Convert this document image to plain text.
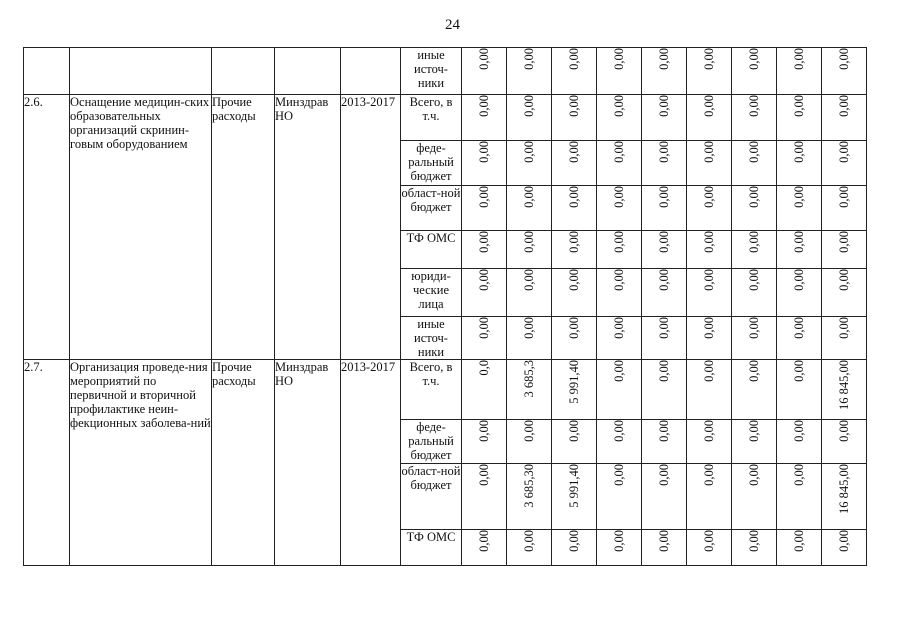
24
					иные источ-ники	0,00	0,00	0,00	0,00	0,00	0,00	0,00	0,00	0,00
2.6.	Оснащение медицин-ских образовательных организаций скринин-говым оборудованием	Прочие расходы	Минздрав НО	2013-2017	Всего, в т.ч.	0,00	0,00	0,00	0,00	0,00	0,00	0,00	0,00	0,00
					феде-ральный бюджет	0,00	0,00	0,00	0,00	0,00	0,00	0,00	0,00	0,00
					област-ной бюджет	0,00	0,00	0,00	0,00	0,00	0,00	0,00	0,00	0,00
					ТФ ОМС	0,00	0,00	0,00	0,00	0,00	0,00	0,00	0,00	0,00
					юриди-ческие лица	0,00	0,00	0,00	0,00	0,00	0,00	0,00	0,00	0,00
					иные источ-ники	0,00	0,00	0,00	0,00	0,00	0,00	0,00	0,00	0,00
2.7.	Организация проведе-ния мероприятий по первичной и вторичной профилактике неин-фекционных заболева-ний	Прочие расходы	Минздрав НО	2013-2017	Всего, в т.ч.	0,0	3 685,3	5 991,40	0,00	0,00	0,00	0,00	0,00	16 845,00
					феде-ральный бюджет	0,00	0,00	0,00	0,00	0,00	0,00	0,00	0,00	0,00
					област-ной бюджет	0,00	3 685,30	5 991,40	0,00	0,00	0,00	0,00	0,00	16 845,00
					ТФ ОМС	0,00	0,00	0,00	0,00	0,00	0,00	0,00	0,00	0,00
